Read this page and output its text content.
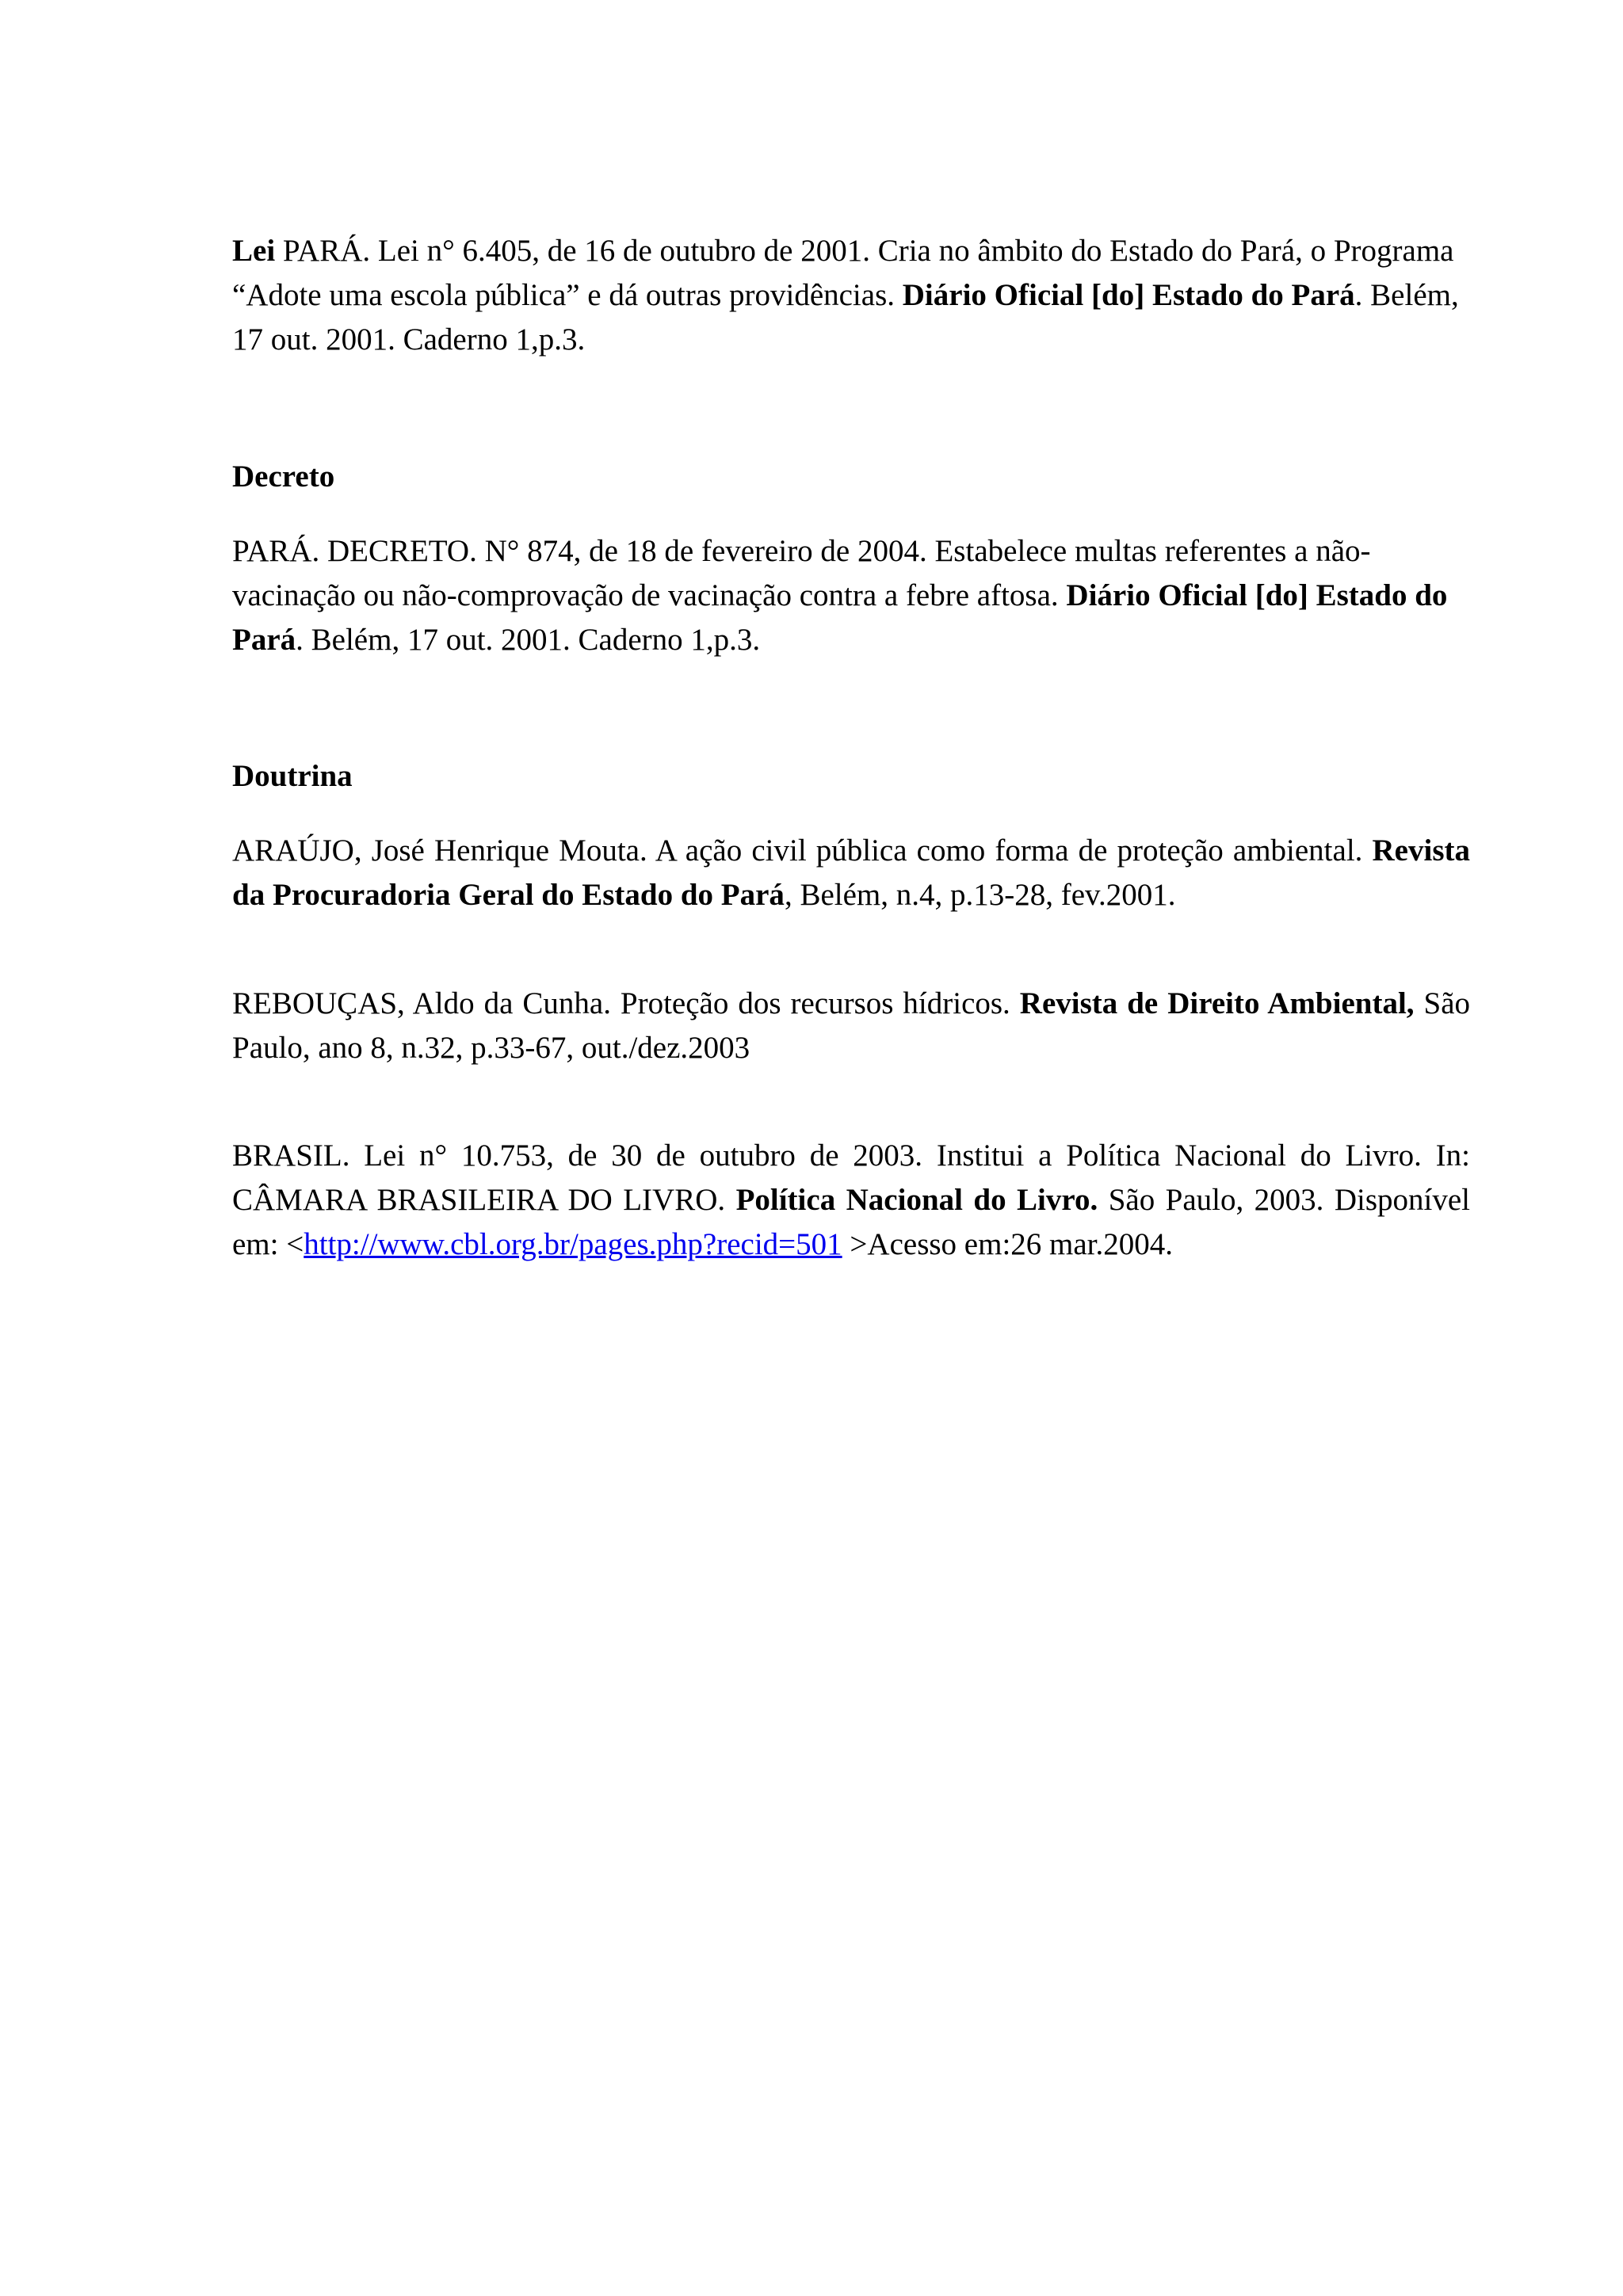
Lei PARÁ. Lei n° 6.405, de 16 de outubro de 2001. Cria no âmbito do Estado do Pará, o Programa “Adote uma escola pública” e dá outras providências. Diário Oficial [do] Estado do Pará. Belém, 17 out. 2001. Caderno 1,p.3.
Decreto
PARÁ. DECRETO. N° 874, de 18 de fevereiro de 2004. Estabelece multas referentes a não-vacinação ou não-comprovação de vacinação contra a febre aftosa. Diário Oficial [do] Estado do Pará. Belém, 17 out. 2001. Caderno 1,p.3.
Doutrina
ARAÚJO, José Henrique Mouta. A ação civil pública como forma de proteção ambiental. Revista da Procuradoria Geral do Estado do Pará, Belém, n.4, p.13-28, fev.2001.
REBOUÇAS, Aldo da Cunha. Proteção dos recursos hídricos. Revista de Direito Ambiental, São Paulo, ano 8, n.32, p.33-67, out./dez.2003
BRASIL. Lei n° 10.753, de 30 de outubro de 2003. Institui a Política Nacional do Livro. In: CÂMARA BRASILEIRA DO LIVRO. Política Nacional do Livro. São Paulo, 2003. Disponível em: <http://www.cbl.org.br/pages.php?recid=501 >Acesso em:26 mar.2004.
